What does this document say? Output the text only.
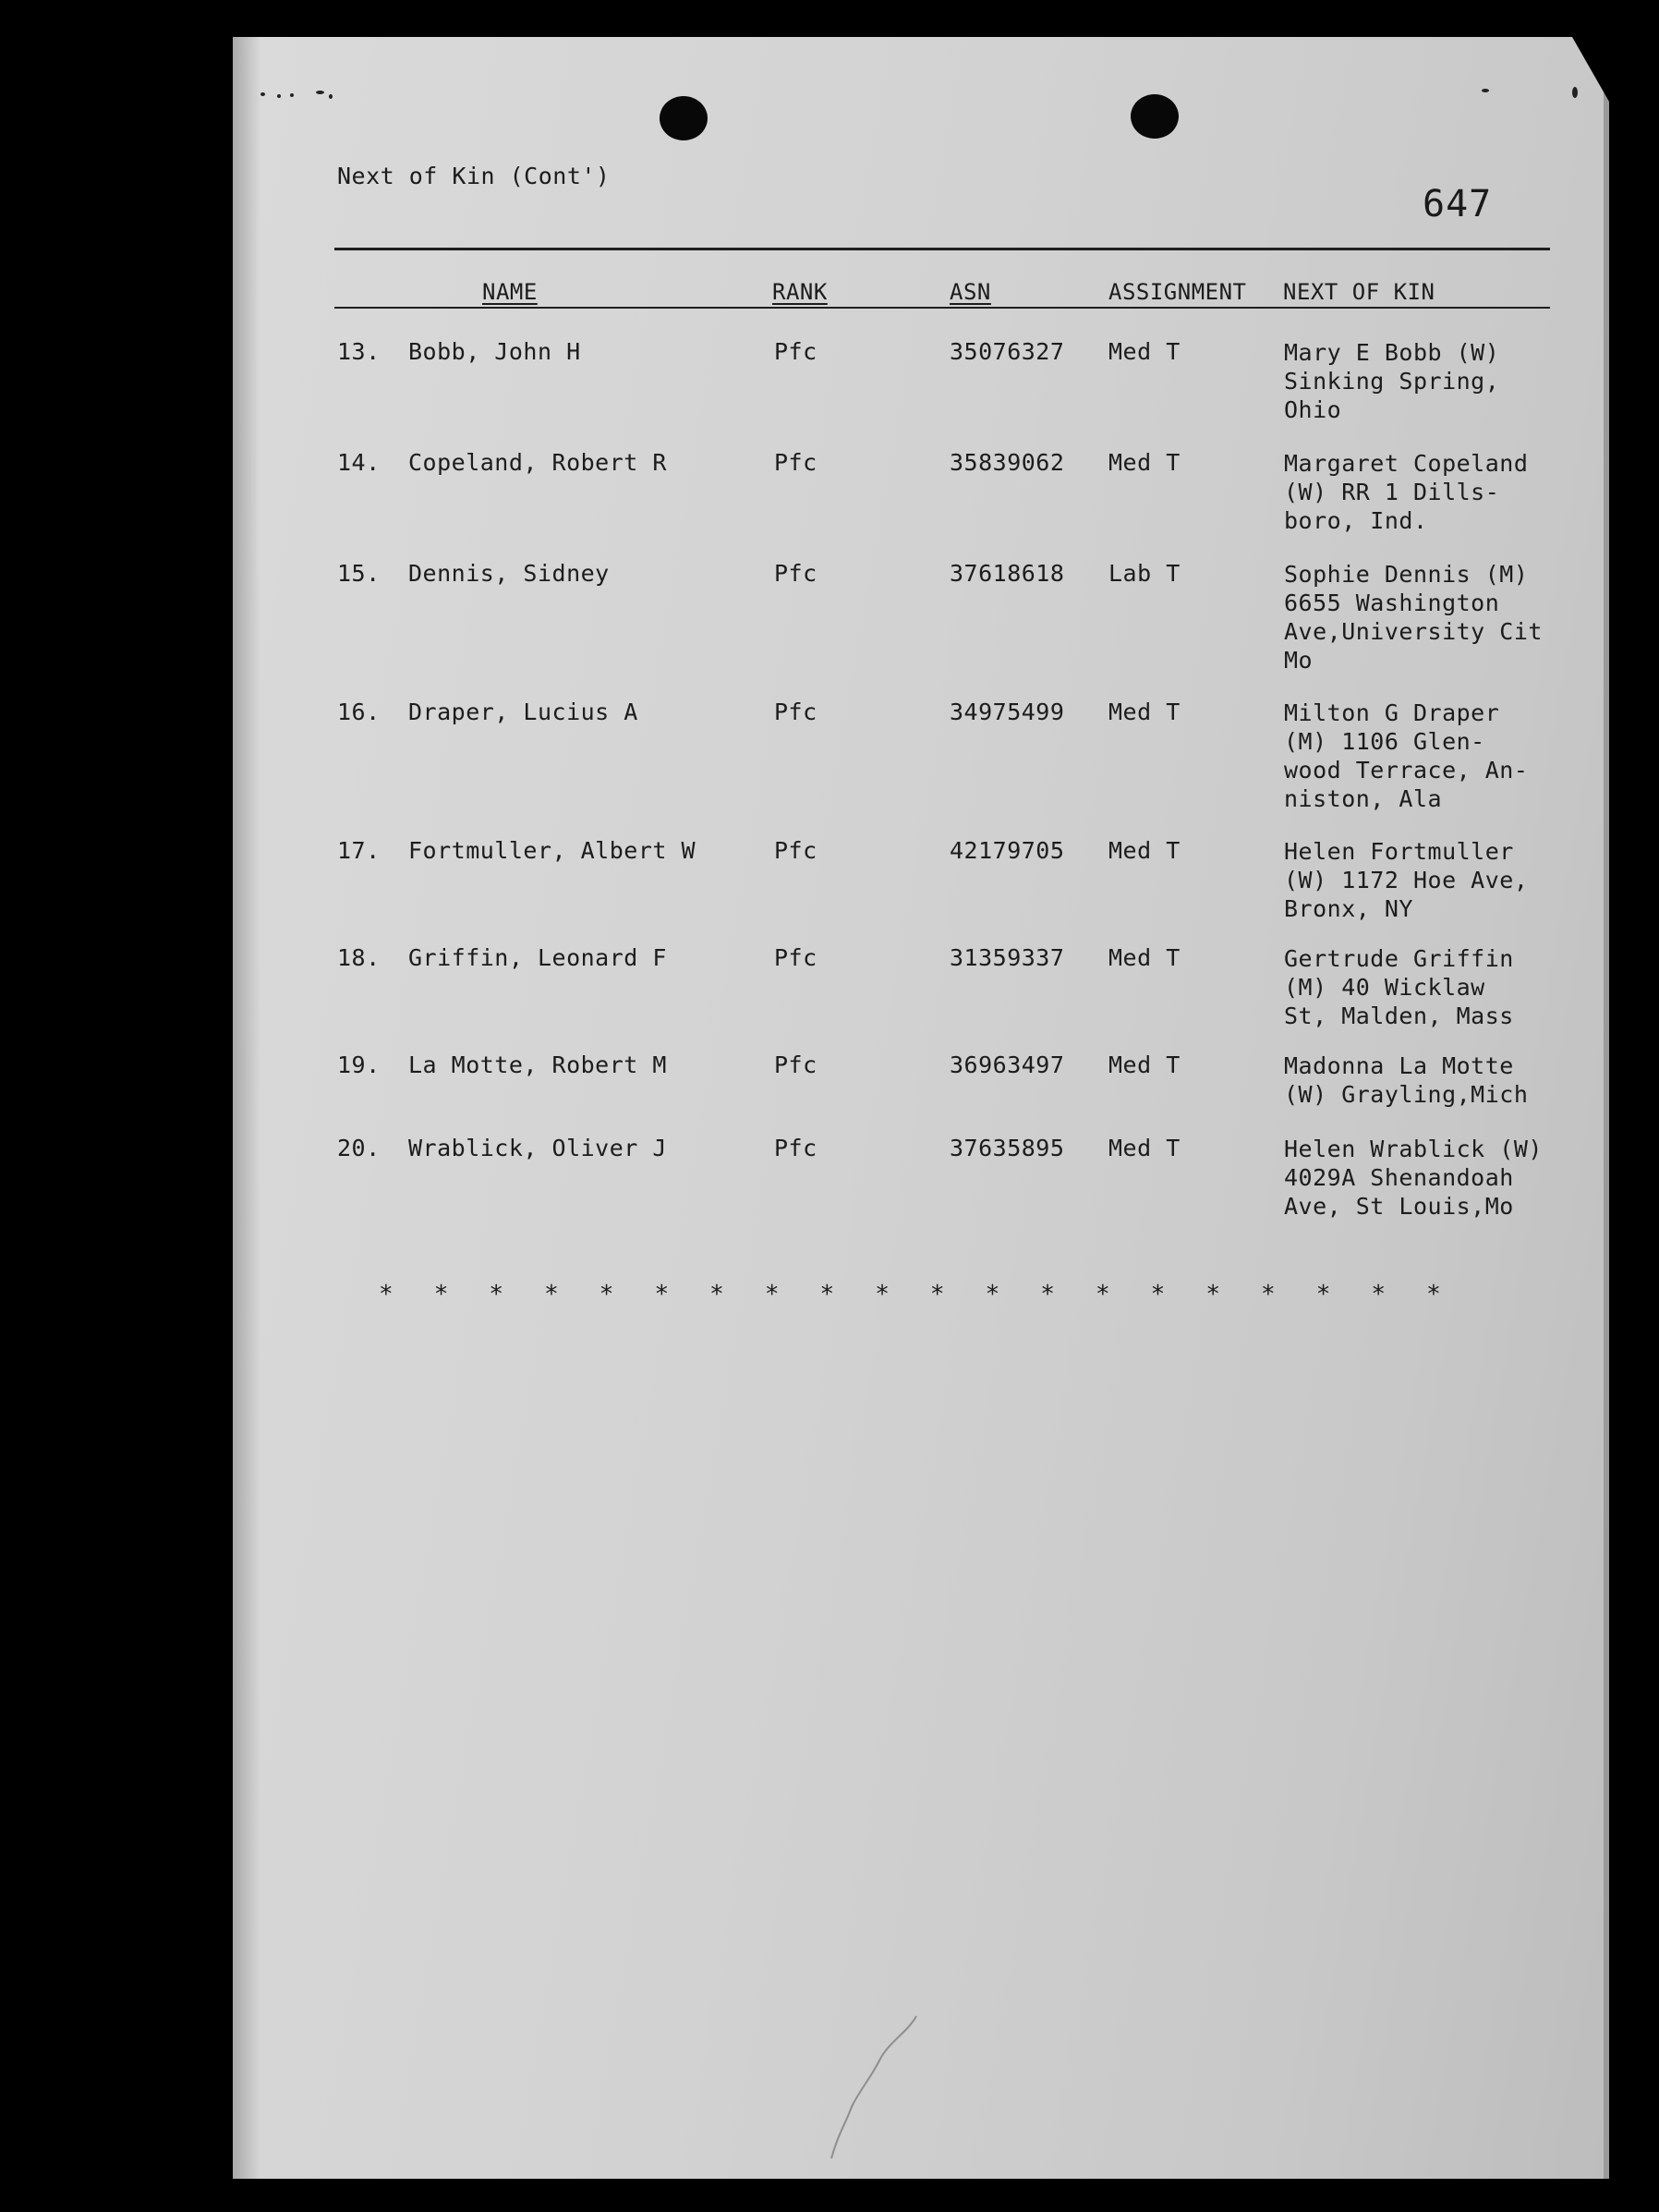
Next of Kin (Cont')
647
NAME	RANK	ASN	ASSIGNMENT NEXT OF KIN
13. Bobb, John H	Pfc	35076327 Med T	Mary E Bobb (W)
Sinking Spring,
Ohio
14. Copeland, Robert R	Pfc	35839062 Med T	Margaret Copeland
(W) RR 1 Dills-
boro, Ind.
15. Dennis, Sidney	Pfc	37618618 Lab T	Sophie Dennis (M)
6655 Washington
Ave,University Cit
Mo
16. Draper, Lucius A	Pfc	34975499 Med T	Milton G Draper
(M) 1106 Glen-
wood Terrace, An-
niston, Ala
17. Fortmuller, Albert W	Pfc	42179705 Med T	Helen Fortmuller
(W) 1172 Hoe Ave,
Bronx, NY
18. Griffin, Leonard F	Pfc	31359337 Med T	Gertrude Griffin
(M) 40 Wicklaw
St, Malden, Mass
19. La Motte, Robert M	Pfc	36963497 Med T	Madonna La Motte
(W) Grayling,Mich
20. Wrablick, Oliver J	Pfc	37635895 Med T	Helen Wrablick (W)
4029A Shenandoah
Ave, St Louis,Mo
* * * * * * * * * * * * * * * * * * * *
